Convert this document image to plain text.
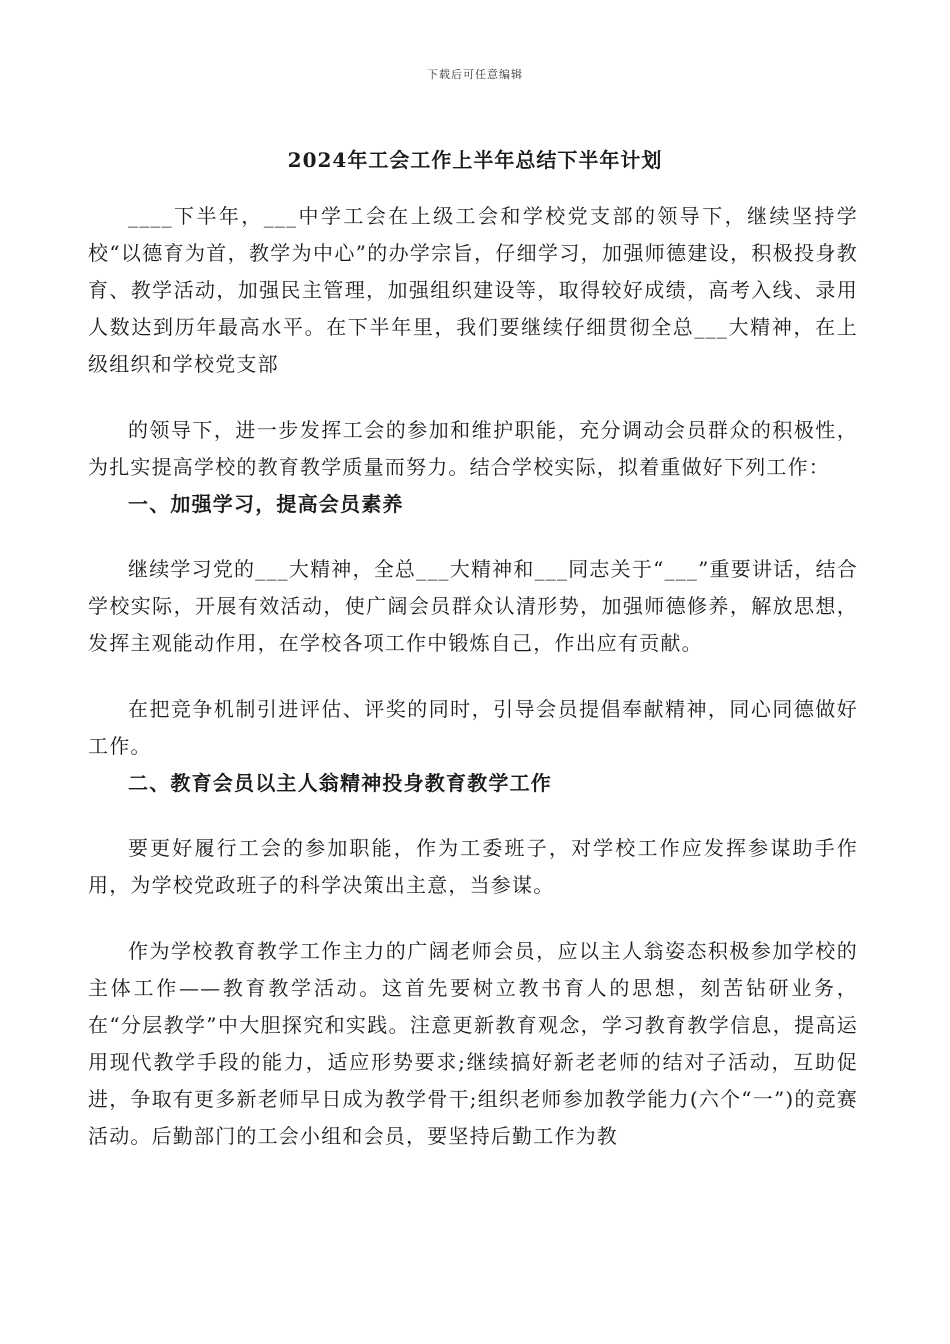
下载后可任意编辑
2024年工会工作上半年总结下半年计划

____下半年，___中学工会在上级工会和学校党支部的领导下，继续坚持学校“以德育为首，教学为中心”的办学宗旨，仔细学习，加强师德建设，积极投身教育、教学活动，加强民主管理，加强组织建设等，取得较好成绩，高考入线、录用人数达到历年最高水平。在下半年里，我们要继续仔细贯彻全总___大精神，在上级组织和学校党支部

的领导下，进一步发挥工会的参加和维护职能，充分调动会员群众的积极性，为扎实提高学校的教育教学质量而努力。结合学校实际，拟着重做好下列工作：

一、加强学习，提高会员素养

继续学习党的___大精神，全总___大精神和___同志关于“___”重要讲话，结合学校实际，开展有效活动，使广阔会员群众认清形势，加强师德修养，解放思想，发挥主观能动作用，在学校各项工作中锻炼自己，作出应有贡献。

在把竞争机制引进评估、评奖的同时，引导会员提倡奉献精神，同心同德做好工作。

二、教育会员以主人翁精神投身教育教学工作

要更好履行工会的参加职能，作为工委班子，对学校工作应发挥参谋助手作用，为学校党政班子的科学决策出主意，当参谋。

作为学校教育教学工作主力的广阔老师会员，应以主人翁姿态积极参加学校的主体工作——教育教学活动。这首先要树立教书育人的思想，刻苦钻研业务，在“分层教学”中大胆探究和实践。注意更新教育观念，学习教育教学信息，提高运用现代教学手段的能力，适应形势要求;继续搞好新老老师的结对子活动，互助促进，争取有更多新老师早日成为教学骨干;组织老师参加教学能力(六个“一”)的竞赛活动。后勤部门的工会小组和会员，要坚持后勤工作为教
